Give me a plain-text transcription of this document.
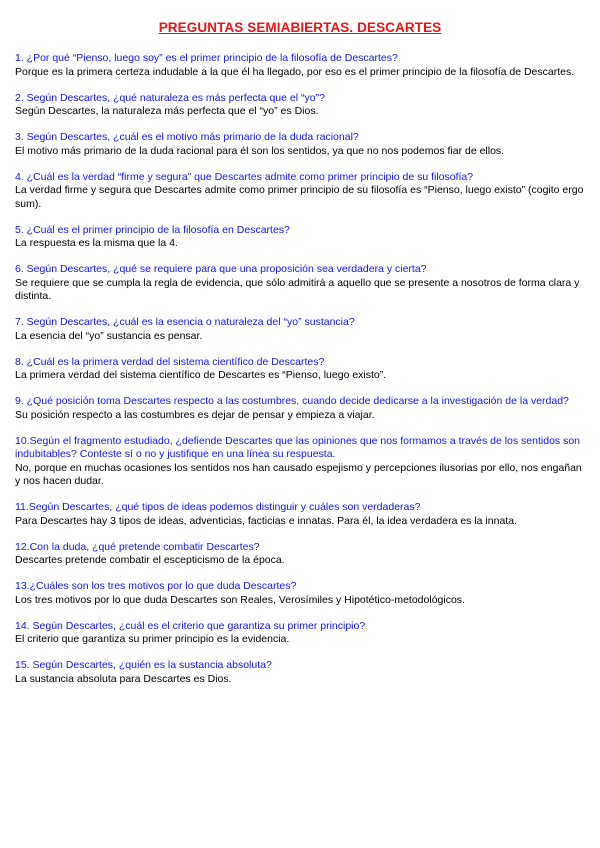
PREGUNTAS SEMIABIERTAS. DESCARTES
1. ¿Por qué “Pienso, luego soy” es el primer principio de la filosofía de Descartes?
Porque es la primera certeza indudable a la que él ha llegado, por eso es el primer principio de la filosofía de Descartes.
2. Según Descartes, ¿qué naturaleza es más perfecta que el “yo”?
Según Descartes, la naturaleza más perfecta que el “yo” es Dios.
3. Según Descartes, ¿cuál es el motivo más primario de la duda racional?
El motivo más primario de la duda racional para él son los sentidos, ya que no nos podemos fiar de ellos.
4. ¿Cuál es la verdad “firme y segura” que Descartes admite como primer principio de su filosofía?
La verdad firme y segura que Descartes admite como primer principio de su filosofía es “Pienso, luego existo” (cogito ergo sum).
5. ¿Cuál es el primer principio de la filosofía en Descartes?
La respuesta es la misma que la 4.
6. Según Descartes, ¿qué se requiere para que una proposición sea verdadera y cierta?
Se requiere que se cumpla la regla de evidencia, que sólo admitirá a aquello que se presente a nosotros de forma clara y distinta.
7. Según Descartes, ¿cuál es la esencia o naturaleza del “yo” sustancia?
La esencia del “yo” sustancia es pensar.
8. ¿Cuál es la primera verdad del sistema científico de Descartes?
La primera verdad del sistema científico de Descartes es “Pienso, luego existo”.
9. ¿Qué posición toma Descartes respecto a las costumbres, cuando decide dedicarse a la investigación de la verdad?
Su posición respecto a las costumbres es dejar de pensar y empieza a viajar.
10.Según el fragmento estudiado, ¿defiende Descartes que las opiniones que nos formamos a través de los sentidos son indubitables? Conteste sí o no y justifique en una línea su respuesta.
No, porque en muchas ocasiones los sentidos nos han causado espejismo y percepciones ilusorias por ello, nos engañan y nos hacen dudar.
11.Según Descartes, ¿qué tipos de ideas podemos distinguir y cuáles son verdaderas?
Para Descartes hay 3 tipos de ideas, adventicias, facticias e innatas. Para él, la idea verdadera es la innata.
12.Con la duda, ¿qué pretende combatir Descartes?
Descartes pretende combatir el escepticismo de la época.
13.¿Cuáles son los tres motivos por lo que duda Descartes?
Los tres motivos por lo que duda Descartes son Reales, Verosímiles y Hipotético-metodológicos.
14. Según Descartes, ¿cuál es el criterio que garantiza su primer principio?
El criterio que garantiza su primer principio es la evidencia.
15. Según Descartes, ¿quién es la sustancia absoluta?
La sustancia absoluta para Descartes es Dios.
